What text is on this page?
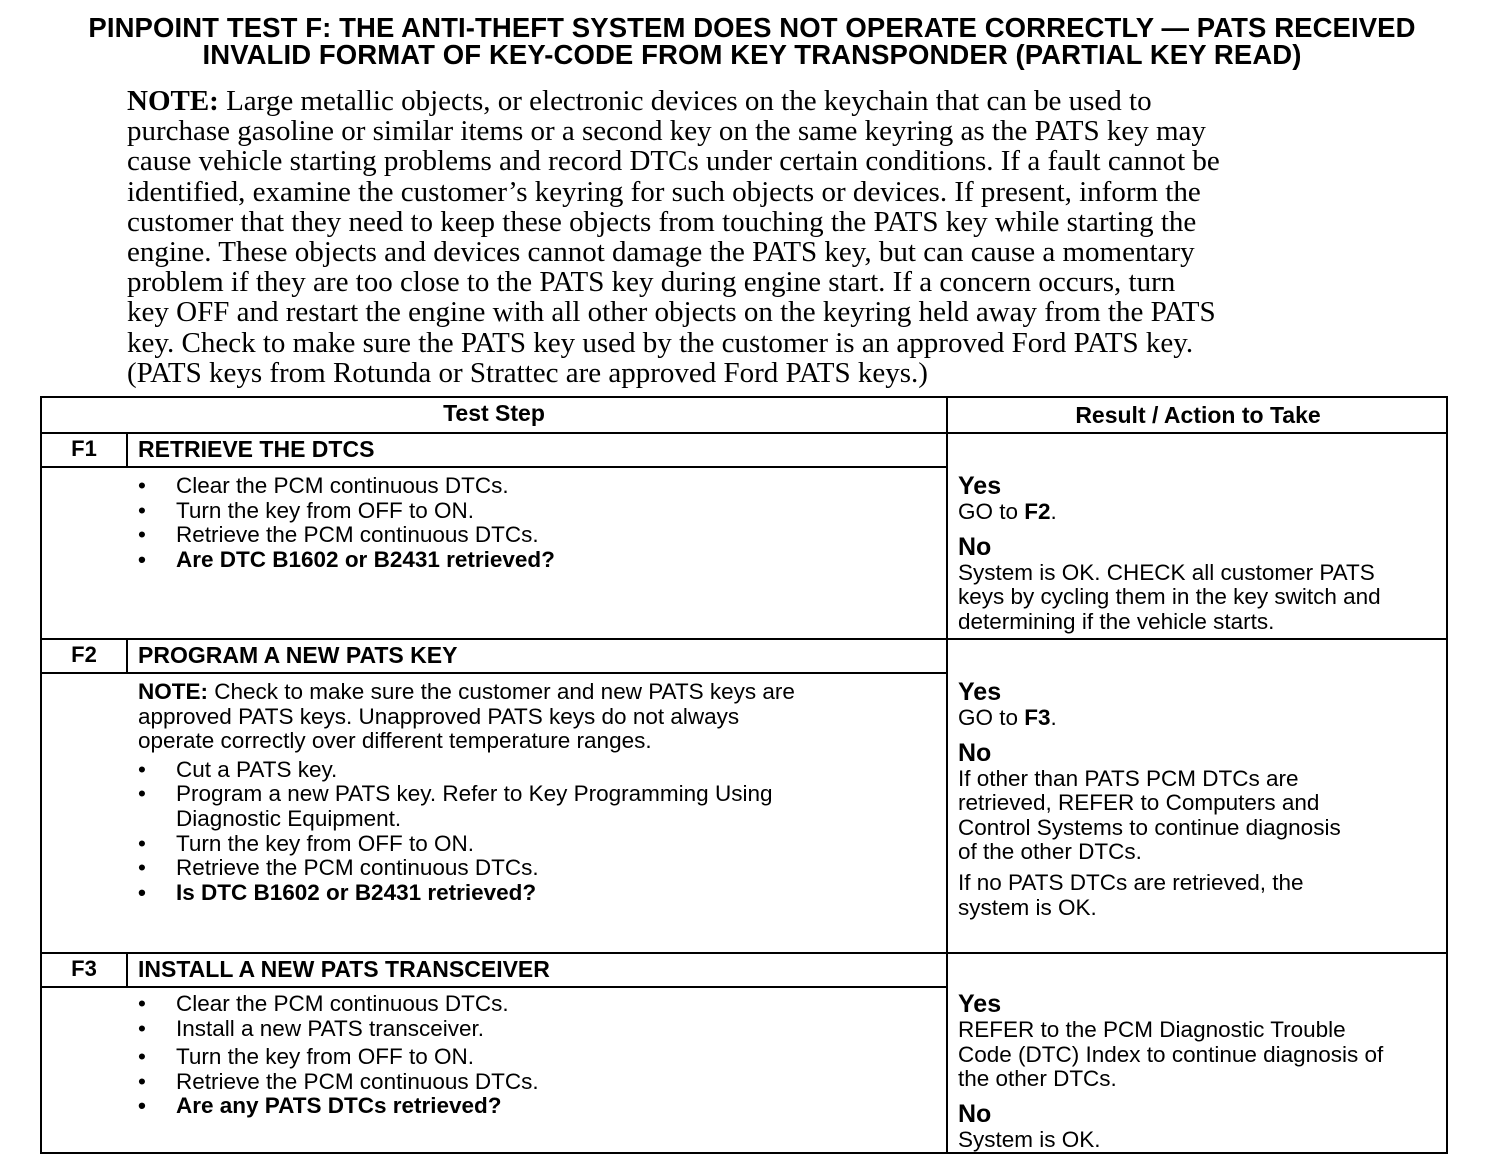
PINPOINT TEST F: THE ANTI-THEFT SYSTEM DOES NOT OPERATE CORRECTLY — PATS RECEIVED
INVALID FORMAT OF KEY-CODE FROM KEY TRANSPONDER (PARTIAL KEY READ)
NOTE: Large metallic objects, or electronic devices on the keychain that can be used to
purchase gasoline or similar items or a second key on the same keyring as the PATS key may
cause vehicle starting problems and record DTCs under certain conditions. If a fault cannot be
identified, examine the customer’s keyring for such objects or devices. If present, inform the
customer that they need to keep these objects from touching the PATS key while starting the
engine. These objects and devices cannot damage the PATS key, but can cause a momentary
problem if they are too close to the PATS key during engine start. If a concern occurs, turn
key OFF and restart the engine with all other objects on the keyring held away from the PATS
key. Check to make sure the PATS key used by the customer is an approved Ford PATS key.
(PATS keys from Rotunda or Strattec are approved Ford PATS keys.)
Test Step	Result / Action to Take
F1	RETRIEVE THE DTCS
• Clear the PCM continuous DTCs.
• Turn the key from OFF to ON.
• Retrieve the PCM continuous DTCs.
• Are DTC B1602 or B2431 retrieved?
Yes
GO to F2.
No
System is OK. CHECK all customer PATS
keys by cycling them in the key switch and
determining if the vehicle starts.
F2	PROGRAM A NEW PATS KEY
NOTE: Check to make sure the customer and new PATS keys are
approved PATS keys. Unapproved PATS keys do not always
operate correctly over different temperature ranges.
• Cut a PATS key.
• Program a new PATS key. Refer to Key Programming Using
Diagnostic Equipment.
• Turn the key from OFF to ON.
• Retrieve the PCM continuous DTCs.
• Is DTC B1602 or B2431 retrieved?
Yes
GO to F3.
No
If other than PATS PCM DTCs are
retrieved, REFER to Computers and
Control Systems to continue diagnosis
of the other DTCs.
If no PATS DTCs are retrieved, the
system is OK.
F3	INSTALL A NEW PATS TRANSCEIVER
• Clear the PCM continuous DTCs.
• Install a new PATS transceiver.
• Turn the key from OFF to ON.
• Retrieve the PCM continuous DTCs.
• Are any PATS DTCs retrieved?
Yes
REFER to the PCM Diagnostic Trouble
Code (DTC) Index to continue diagnosis of
the other DTCs.
No
System is OK.
